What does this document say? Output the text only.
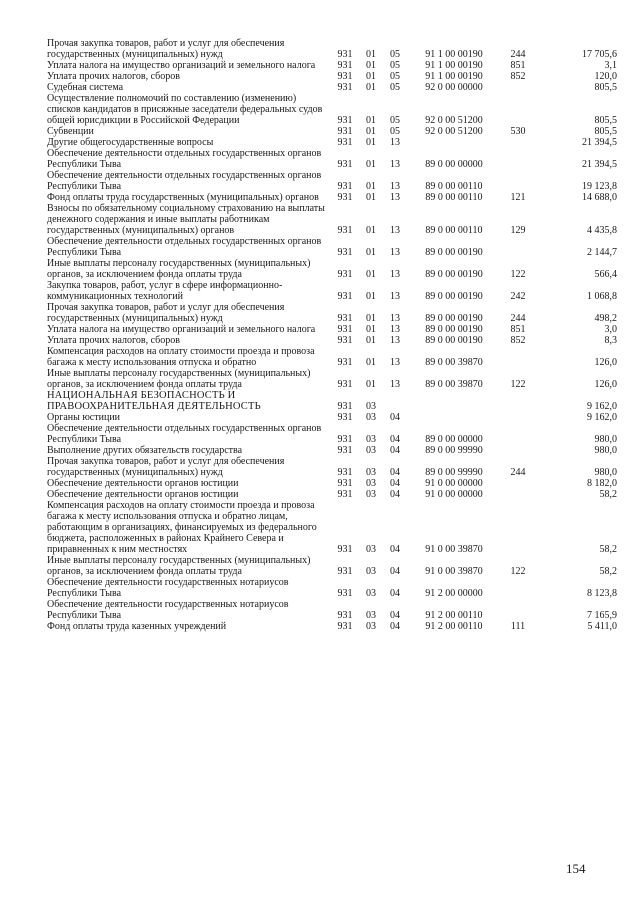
Прочая закупка товаров, работ и услуг для обеспечения государственных (муниципальных) нужд	931	01	05	91 1 00 00190	244	17 705,6
Уплата налога на имущество организаций и земельного налога	931	01	05	91 1 00 00190	851	3,1
Уплата прочих налогов, сборов	931	01	05	91 1 00 00190	852	120,0
Судебная система	931	01	05	92 0 00 00000		805,5
Осуществление полномочий по составлению (изменению) списков кандидатов в присяжные заседатели федеральных судов общей юрисдикции в Российской Федерации	931	01	05	92 0 00 51200		805,5
Субвенции	931	01	05	92 0 00 51200	530	805,5
Другие общегосударственные вопросы	931	01	13			21 394,5
Обеспечение деятельности отдельных государственных органов Республики Тыва	931	01	13	89 0 00 00000		21 394,5
Обеспечение деятельности отдельных государственных органов Республики Тыва	931	01	13	89 0 00 00110		19 123,8
Фонд оплаты труда государственных (муниципальных) органов	931	01	13	89 0 00 00110	121	14 688,0
Взносы по обязательному социальному страхованию на выплаты денежного содержания и иные выплаты работникам государственных (муниципальных) органов	931	01	13	89 0 00 00110	129	4 435,8
Обеспечение деятельности отдельных государственных органов Республики Тыва	931	01	13	89 0 00 00190		2 144,7
Иные выплаты персоналу государственных (муниципальных) органов, за исключением фонда оплаты труда	931	01	13	89 0 00 00190	122	566,4
Закупка товаров, работ, услуг в сфере информационно-коммуникационных технологий	931	01	13	89 0 00 00190	242	1 068,8
Прочая закупка товаров, работ и услуг для обеспечения государственных (муниципальных) нужд	931	01	13	89 0 00 00190	244	498,2
Уплата налога на имущество организаций и земельного налога	931	01	13	89 0 00 00190	851	3,0
Уплата прочих налогов, сборов	931	01	13	89 0 00 00190	852	8,3
Компенсация расходов на оплату стоимости проезда и провоза багажа к месту использования отпуска и обратно	931	01	13	89 0 00 39870		126,0
Иные выплаты персоналу государственных (муниципальных) органов, за исключением фонда оплаты труда	931	01	13	89 0 00 39870	122	126,0
НАЦИОНАЛЬНАЯ БЕЗОПАСНОСТЬ И ПРАВООХРАНИТЕЛЬНАЯ ДЕЯТЕЛЬНОСТЬ	931	03				9 162,0
Органы юстиции	931	03	04			9 162,0
Обеспечение деятельности отдельных государственных органов Республики Тыва	931	03	04	89 0 00 00000		980,0
Выполнение других обязательств государства	931	03	04	89 0 00 99990		980,0
Прочая закупка товаров, работ и услуг для обеспечения государственных (муниципальных) нужд	931	03	04	89 0 00 99990	244	980,0
Обеспечение деятельности органов юстиции	931	03	04	91 0 00 00000		8 182,0
Обеспечение деятельности органов юстиции	931	03	04	91 0 00 00000		58,2
Компенсация расходов на оплату стоимости проезда и провоза багажа к месту использования отпуска и обратно лицам, работающим в организациях, финансируемых из федерального бюджета, расположенных в районах Крайнего Севера и приравненных к ним местностях	931	03	04	91 0 00 39870		58,2
Иные выплаты персоналу государственных (муниципальных) органов, за исключением фонда оплаты труда	931	03	04	91 0 00 39870	122	58,2
Обеспечение деятельности государственных нотариусов Республики Тыва	931	03	04	91 2 00 00000		8 123,8
Обеспечение деятельности государственных нотариусов Республики Тыва	931	03	04	91 2 00 00110		7 165,9
Фонд оплаты труда казенных учреждений	931	03	04	91 2 00 00110	111	5 411,0
154
